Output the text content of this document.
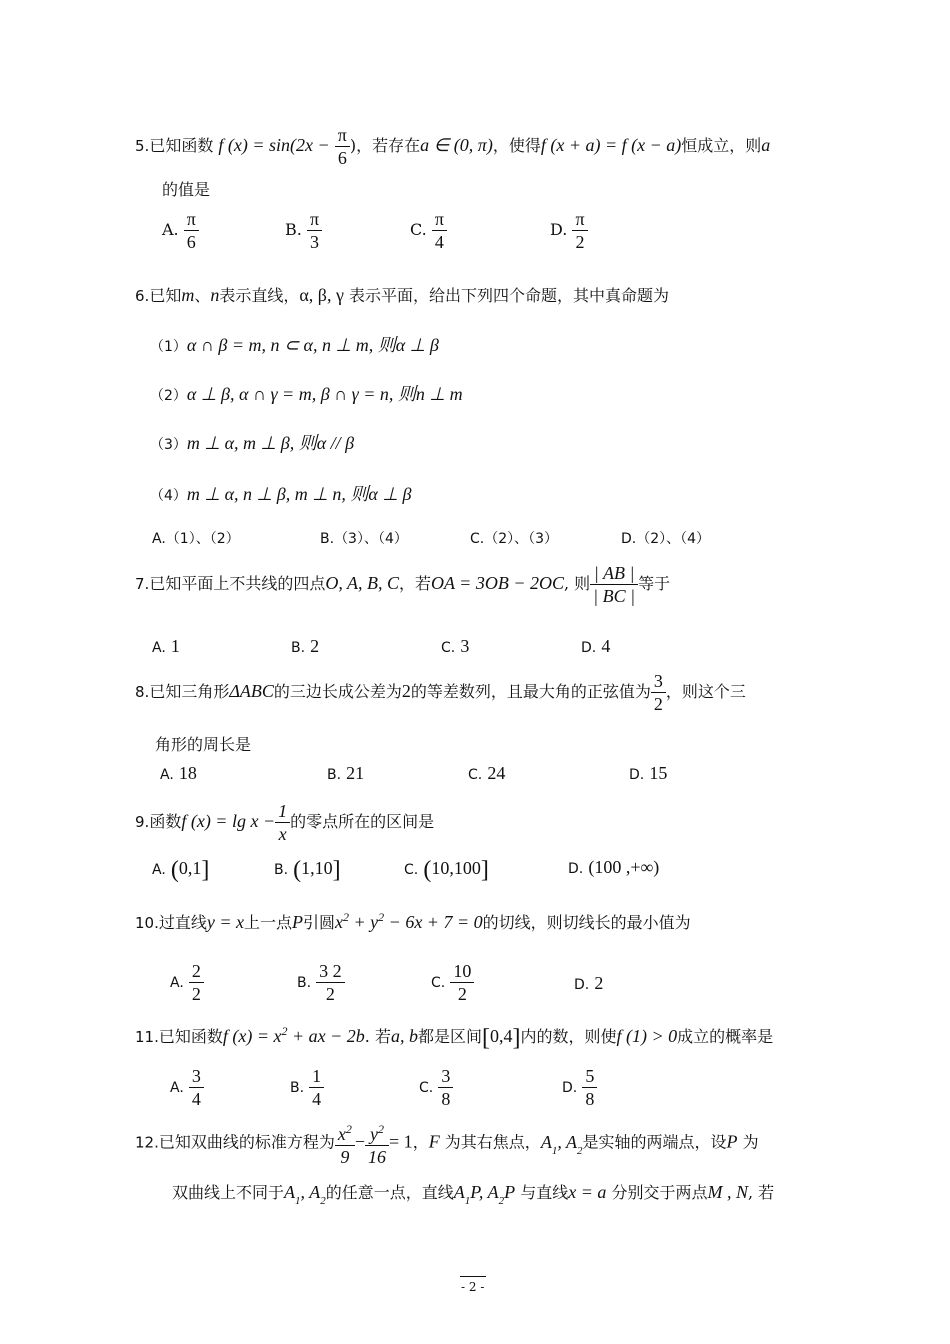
5.已知函数 f $(x) = \sin(2x - \frac{\pi}{6}$ )，若存在a ∈ (0, π)，使得f (x + a) = f (x − a)恒成立，则a
的值是
A. $\frac{\pi}{6}$	B. $\frac{\pi}{3}$	C. $\frac{\pi}{4}$	D. $\frac{\pi}{2}$
6.已知m、n表示直线，α, β, γ 表示平面，给出下列四个命题，其中真命题为
（1）α ∩ β = m, n ⊂ α, n ⊥ m, 则α ⊥ β
（2）α ⊥ β, α ∩ γ = m, β ∩ γ = n, 则n ⊥ m
（3）m ⊥ α, m ⊥ β, 则α // β
（4）m ⊥ α, n ⊥ β, m ⊥ n, 则α ⊥ β
A.（1）、（2）	B.（3）、（4）	C.（2）、（3）	D.（2）、（4）
7.已知平面上不共线的四点O, A, B, C，若OA = 3OB − 2OC, 则 $\frac{| AB |}{| BC |}$ 等于
A. 1	B. 2	C. 3	D. 4
8.已知三角形ΔABC的三边长成公差为2的等差数列，且最大角的正弦值为 $\frac{3}{2}$ ，则这个三
角形的周长是
A. 18	B. 21	C. 24	D. 15
9.函数f $(x) = \lg x - \frac{1}{x}$ 的零点所在的区间是
A. (0,1]	B. (1,10]	C. (10,100]	D. (100 ,+∞)
10.过直线y = x上一点P引圆$x^2 + y^2 - 6x + 7 = 0$的切线，则切线长的最小值为
A. $\frac{2}{2}$	B. $\frac{3 2}{2}$	C. $\frac{10}{2}$	D. 2
11.已知函数f $(x) = x^2$ + ax − 2b. 若a, b都是区间[0,4]内的数，则使f (1) > 0成立的概率是
A. $\frac{3}{4}$	B. $\frac{1}{4}$	C. $\frac{3}{8}$	D. $\frac{5}{8}$
12.已知双曲线的标准方程为 $\frac{x^2}{9} - \frac{y^2}{16} = 1$，F 为其右焦点，$A_1$, $A_2$是实轴的两端点，设P 为
双曲线上不同于$A_1$, $A_2$的任意一点，直线$A_1P$, $A_2P$ 与直线x = a 分别交于两点M , N, 若
- 2 -
